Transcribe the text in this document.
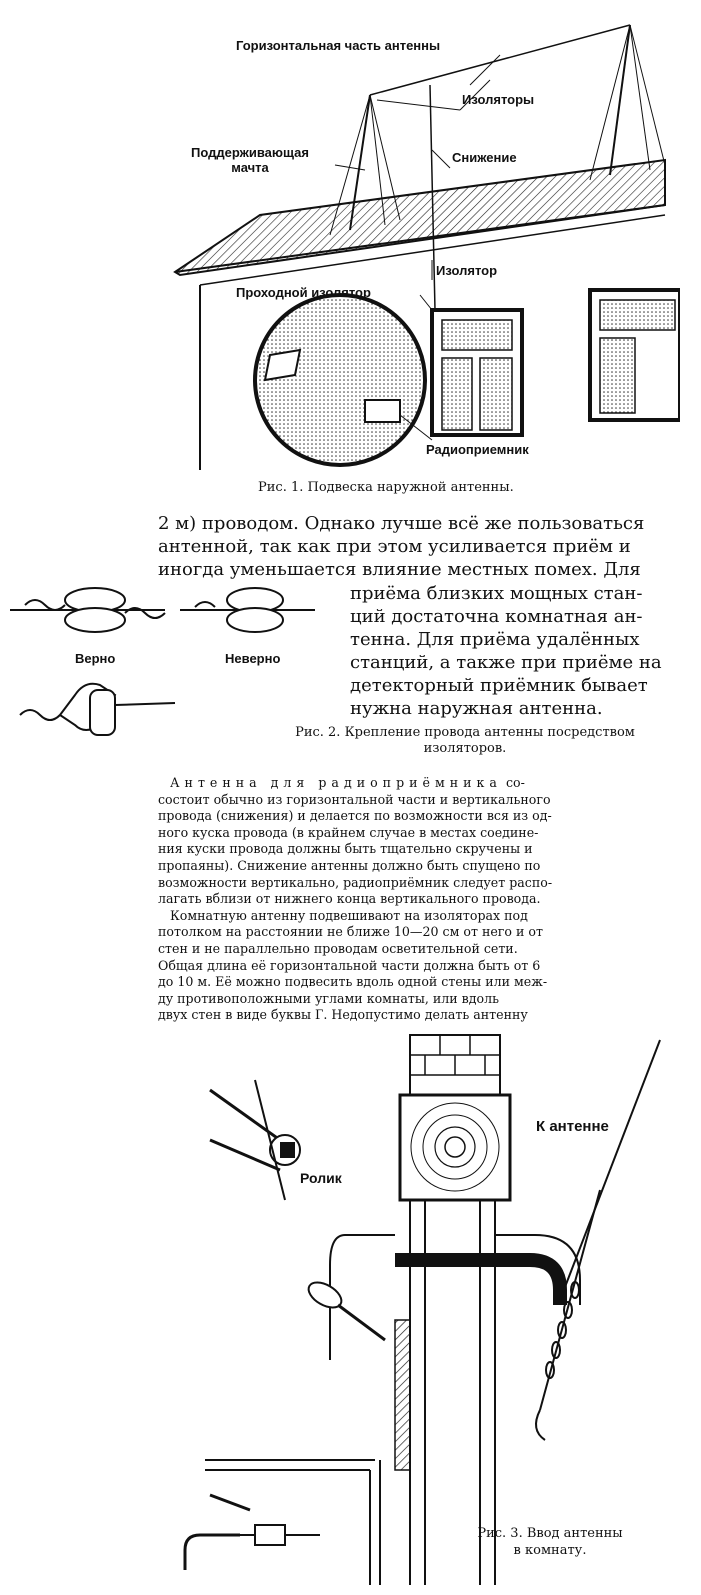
Горизонтальная часть антенны
Изоляторы
Поддерживающая мачта
Снижение
Изолятор
Проходной изолятор
Радиоприемник
Рис. 1. Подвеска наружной антенны.

2 м) проводом. Однако лучше всё же пользоваться

антенной, так как при этом усиливается приём и

иногда уменьшается влияние местных помех. Для

приёма близких мощных стан-

ций достаточна комнатная ан-

тенна. Для приёма удалённых

станций, а также при приёме на

детекторный приёмник бывает

нужна наружная антенна.

Верно	Неверно
Рис. 2. Крепление провода антенны посредством
изоляторов.

Антенна для радиоприёмника со-

состоит обычно из горизонтальной части и вертикального

провода (снижения) и делается по возможности вся из од-

ного куска провода (в крайнем случае в местах соедине-

ния куски провода должны быть тщательно скручены и

пропаяны). Снижение антенны должно быть спущено по

возможности вертикально, радиоприёмник следует распо-

лагать вблизи от нижнего конца вертикального провода.

Комнатную антенну подвешивают на изоляторах под

потолком на расстоянии не ближе 10—20 см от него и от

стен и не параллельно проводам осветительной сети.

Общая длина её горизонтальной части должна быть от 6

до 10 м. Её можно подвесить вдоль одной стены или меж-

ду противоположными углами комнаты, или вдоль

двух стен в виде буквы Г. Недопустимо делать антенну

К антенне
Ролик
Рис. 3. Ввод антенны
в комнату.
